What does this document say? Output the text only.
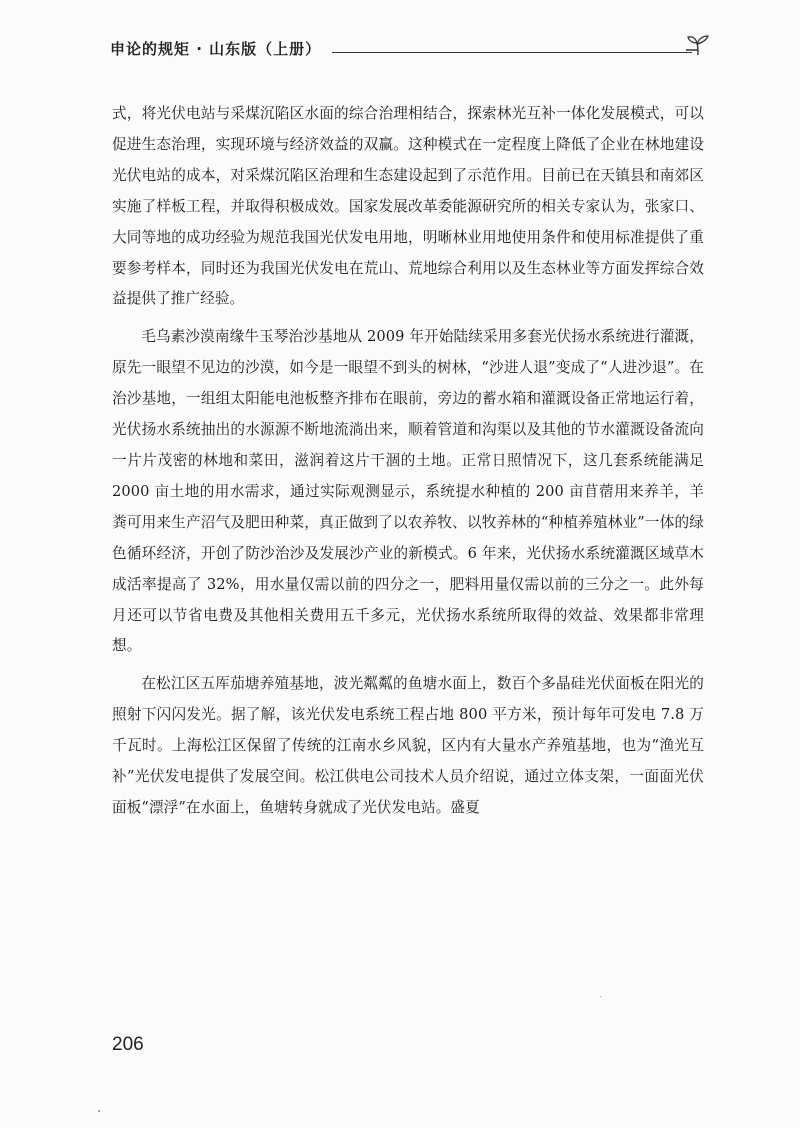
申论的规矩 · 山东版（上册）

式，将光伏电站与采煤沉陷区水面的综合治理相结合，探索林光互补一体化发展模式，可以促进生态治理，实现环境与经济效益的双赢。这种模式在一定程度上降低了企业在林地建设光伏电站的成本，对采煤沉陷区治理和生态建设起到了示范作用。目前已在天镇县和南郊区实施了样板工程，并取得积极成效。国家发展改革委能源研究所的相关专家认为，张家口、大同等地的成功经验为规范我国光伏发电用地，明晰林业用地使用条件和使用标准提供了重要参考样本，同时还为我国光伏发电在荒山、荒地综合利用以及生态林业等方面发挥综合效益提供了推广经验。

毛乌素沙漠南缘牛玉琴治沙基地从 2009 年开始陆续采用多套光伏扬水系统进行灌溉，原先一眼望不见边的沙漠，如今是一眼望不到头的树林，“沙进人退”变成了“人进沙退”。在治沙基地，一组组太阳能电池板整齐排布在眼前，旁边的蓄水箱和灌溉设备正常地运行着，光伏扬水系统抽出的水源源不断地流淌出来，顺着管道和沟渠以及其他的节水灌溉设备流向一片片茂密的林地和菜田，滋润着这片干涸的土地。正常日照情况下，这几套系统能满足 2000 亩土地的用水需求，通过实际观测显示，系统提水种植的 200 亩苜蓿用来养羊，羊粪可用来生产沼气及肥田种菜，真正做到了以农养牧、以牧养林的“种植养殖林业”一体的绿色循环经济，开创了防沙治沙及发展沙产业的新模式。6 年来，光伏扬水系统灌溉区域草木成活率提高了 32%，用水量仅需以前的四分之一，肥料用量仅需以前的三分之一。此外每月还可以节省电费及其他相关费用五千多元，光伏扬水系统所取得的效益、效果都非常理想。

在松江区五厍茄塘养殖基地，波光粼粼的鱼塘水面上，数百个多晶硅光伏面板在阳光的照射下闪闪发光。据了解，该光伏发电系统工程占地 800 平方米，预计每年可发电 7.8 万千瓦时。上海松江区保留了传统的江南水乡风貌，区内有大量水产养殖基地，也为“渔光互补”光伏发电提供了发展空间。松江供电公司技术人员介绍说，通过立体支架，一面面光伏面板“漂浮”在水面上，鱼塘转身就成了光伏发电站。盛夏

206
